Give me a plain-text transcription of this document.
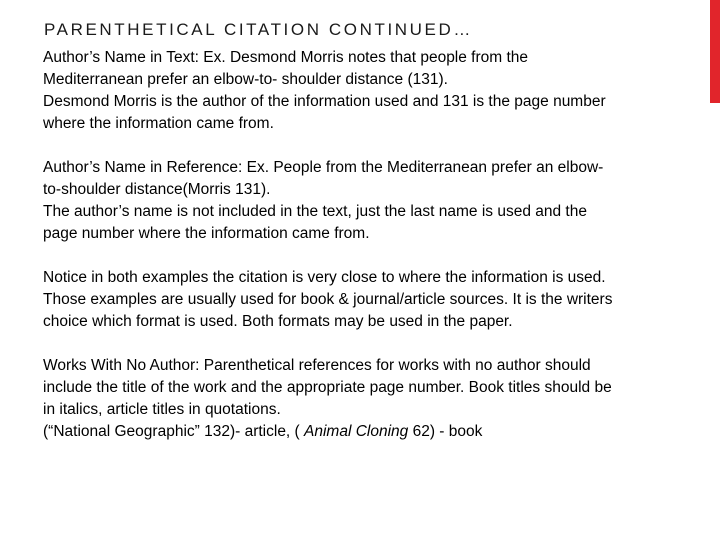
PARENTHETICAL CITATION CONTINUED…

Author’s Name in Text: Ex. Desmond Morris notes that people from the
Mediterranean prefer an elbow-to- shoulder distance (131).
Desmond Morris is the author of the information used and 131 is the page number
where the information came from.

Author’s Name in Reference: Ex. People from the Mediterranean prefer an elbow-
to-shoulder distance(Morris 131).
The author’s name is not included in the text, just the last name is used and the
page number where the information came from.

Notice in both examples the citation is very close to where the information is used.
Those examples are usually used for book & journal/article sources. It is the writers
choice which format is used. Both formats may be used in the paper.

Works With No Author: Parenthetical references for works with no author should
include the title of the work and the appropriate page number. Book titles should be
in italics, article titles in quotations.
(“National Geographic” 132)- article, ( Animal Cloning 62) - book
